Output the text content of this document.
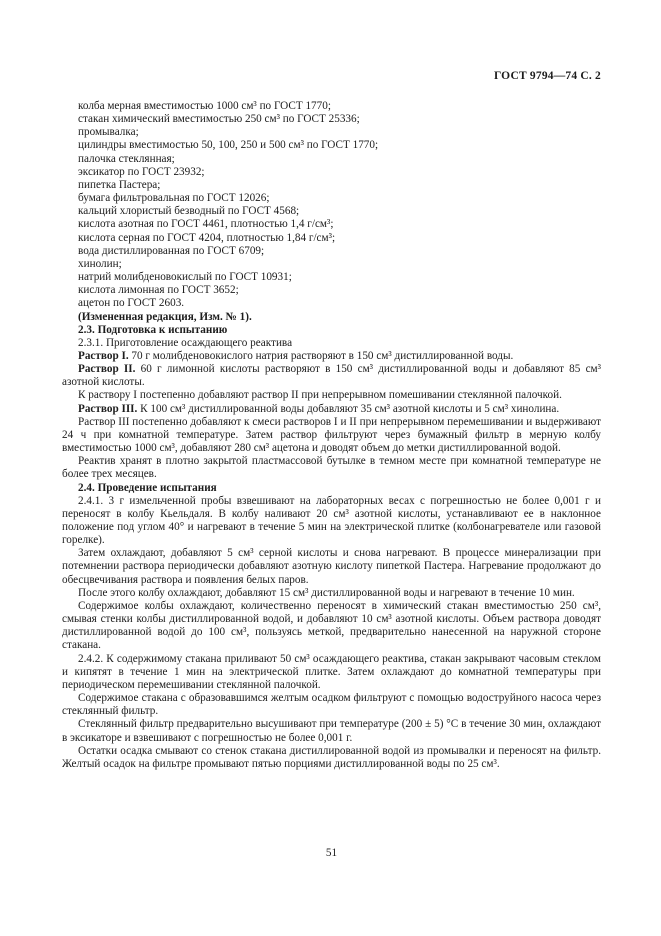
ГОСТ 9794—74 С. 2

колба мерная вместимостью 1000 см³ по ГОСТ 1770;

стакан химический вместимостью 250 см³ по ГОСТ 25336;

промывалка;

цилиндры вместимостью 50, 100, 250 и 500 см³ по ГОСТ 1770;

палочка стеклянная;

эксикатор по ГОСТ 23932;

пипетка Пастера;

бумага фильтровальная по ГОСТ 12026;

кальций хлористый безводный по ГОСТ 4568;

кислота азотная по ГОСТ 4461, плотностью 1,4 г/см³;

кислота серная по ГОСТ 4204, плотностью 1,84 г/см³;

вода дистиллированная по ГОСТ 6709;

хинолин;

натрий молибденовокислый по ГОСТ 10931;

кислота лимонная по ГОСТ 3652;

ацетон по ГОСТ 2603.

(Измененная редакция, Изм. № 1).

2.3. Подготовка к испытанию

2.3.1. Приготовление осаждающего реактива

Раствор I. 70 г молибденовокислого натрия растворяют в 150 см³ дистиллированной воды.

Раствор II. 60 г лимонной кислоты растворяют в 150 см³ дистиллированной воды и добавляют 85 см³ азотной кислоты.

К раствору I постепенно добавляют раствор II при непрерывном помешивании стеклянной палочкой.

Раствор III. К 100 см³ дистиллированной воды добавляют 35 см³ азотной кислоты и 5 см³ хинолина.

Раствор III постепенно добавляют к смеси растворов I и II при непрерывном перемешивании и выдерживают 24 ч при комнатной температуре. Затем раствор фильтруют через бумажный фильтр в мерную колбу вместимостью 1000 см³, добавляют 280 см³ ацетона и доводят объем до метки дистиллированной водой.

Реактив хранят в плотно закрытой пластмассовой бутылке в темном месте при комнатной температуре не более трех месяцев.

2.4. Проведение испытания

2.4.1. 3 г измельченной пробы взвешивают на лабораторных весах с погрешностью не более 0,001 г и переносят в колбу Кьельдаля. В колбу наливают 20 см³ азотной кислоты, устанавливают ее в наклонное положение под углом 40° и нагревают в течение 5 мин на электрической плитке (колбонагревателе или газовой горелке).

Затем охлаждают, добавляют 5 см³ серной кислоты и снова нагревают. В процессе минерализации при потемнении раствора периодически добавляют азотную кислоту пипеткой Пастера. Нагревание продолжают до обесцвечивания раствора и появления белых паров.

После этого колбу охлаждают, добавляют 15 см³ дистиллированной воды и нагревают в течение 10 мин.

Содержимое колбы охлаждают, количественно переносят в химический стакан вместимостью 250 см³, смывая стенки колбы дистиллированной водой, и добавляют 10 см³ азотной кислоты. Объем раствора доводят дистиллированной водой до 100 см³, пользуясь меткой, предварительно нанесенной на наружной стороне стакана.

2.4.2. К содержимому стакана приливают 50 см³ осаждающего реактива, стакан закрывают часовым стеклом и кипятят в течение 1 мин на электрической плитке. Затем охлаждают до комнатной температуры при периодическом перемешивании стеклянной палочкой.

Содержимое стакана с образовавшимся желтым осадком фильтруют с помощью водоструйного насоса через стеклянный фильтр.

Стеклянный фильтр предварительно высушивают при температуре (200 ± 5) °С в течение 30 мин, охлаждают в эксикаторе и взвешивают с погрешностью не более 0,001 г.

Остатки осадка смывают со стенок стакана дистиллированной водой из промывалки и переносят на фильтр. Желтый осадок на фильтре промывают пятью порциями дистиллированной воды по 25 см³.

51
